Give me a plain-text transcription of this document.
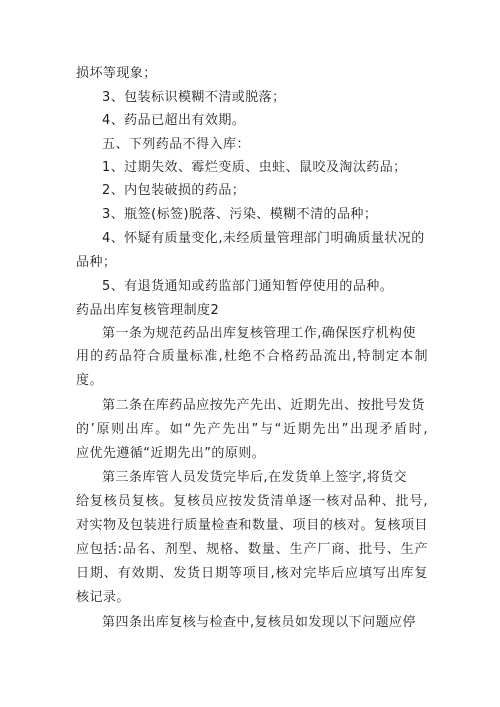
损坏等现象；
3、包装标识模糊不清或脱落；
4、药品已超出有效期。
五、下列药品不得入库：
1、过期失效、霉烂变质、虫蛀、鼠咬及淘汰药品；
2、内包装破损的药品；
3、瓶签(标签)脱落、污染、模糊不清的品种；
4、怀疑有质量变化,未经质量管理部门明确质量状况的
品种；
5、有退货通知或药监部门通知暂停使用的品种。
药品出库复核管理制度2
第一条为规范药品出库复核管理工作,确保医疗机构使
用的药品符合质量标准,杜绝不合格药品流出,特制定本制
度。
第二条在库药品应按先产先出、近期先出、按批号发货
的’原则出库。如“先产先出”与“近期先出”出现矛盾时,
应优先遵循“近期先出”的原则。
第三条库管人员发货完毕后,在发货单上签字,将货交
给复核员复核。复核员应按发货清单逐一核对品种、批号,
对实物及包装进行质量检查和数量、项目的核对。复核项目
应包括:品名、剂型、规格、数量、生产厂商、批号、生产
日期、有效期、发货日期等项目,核对完毕后应填写出库复
核记录。
第四条出库复核与检查中,复核员如发现以下问题应停
